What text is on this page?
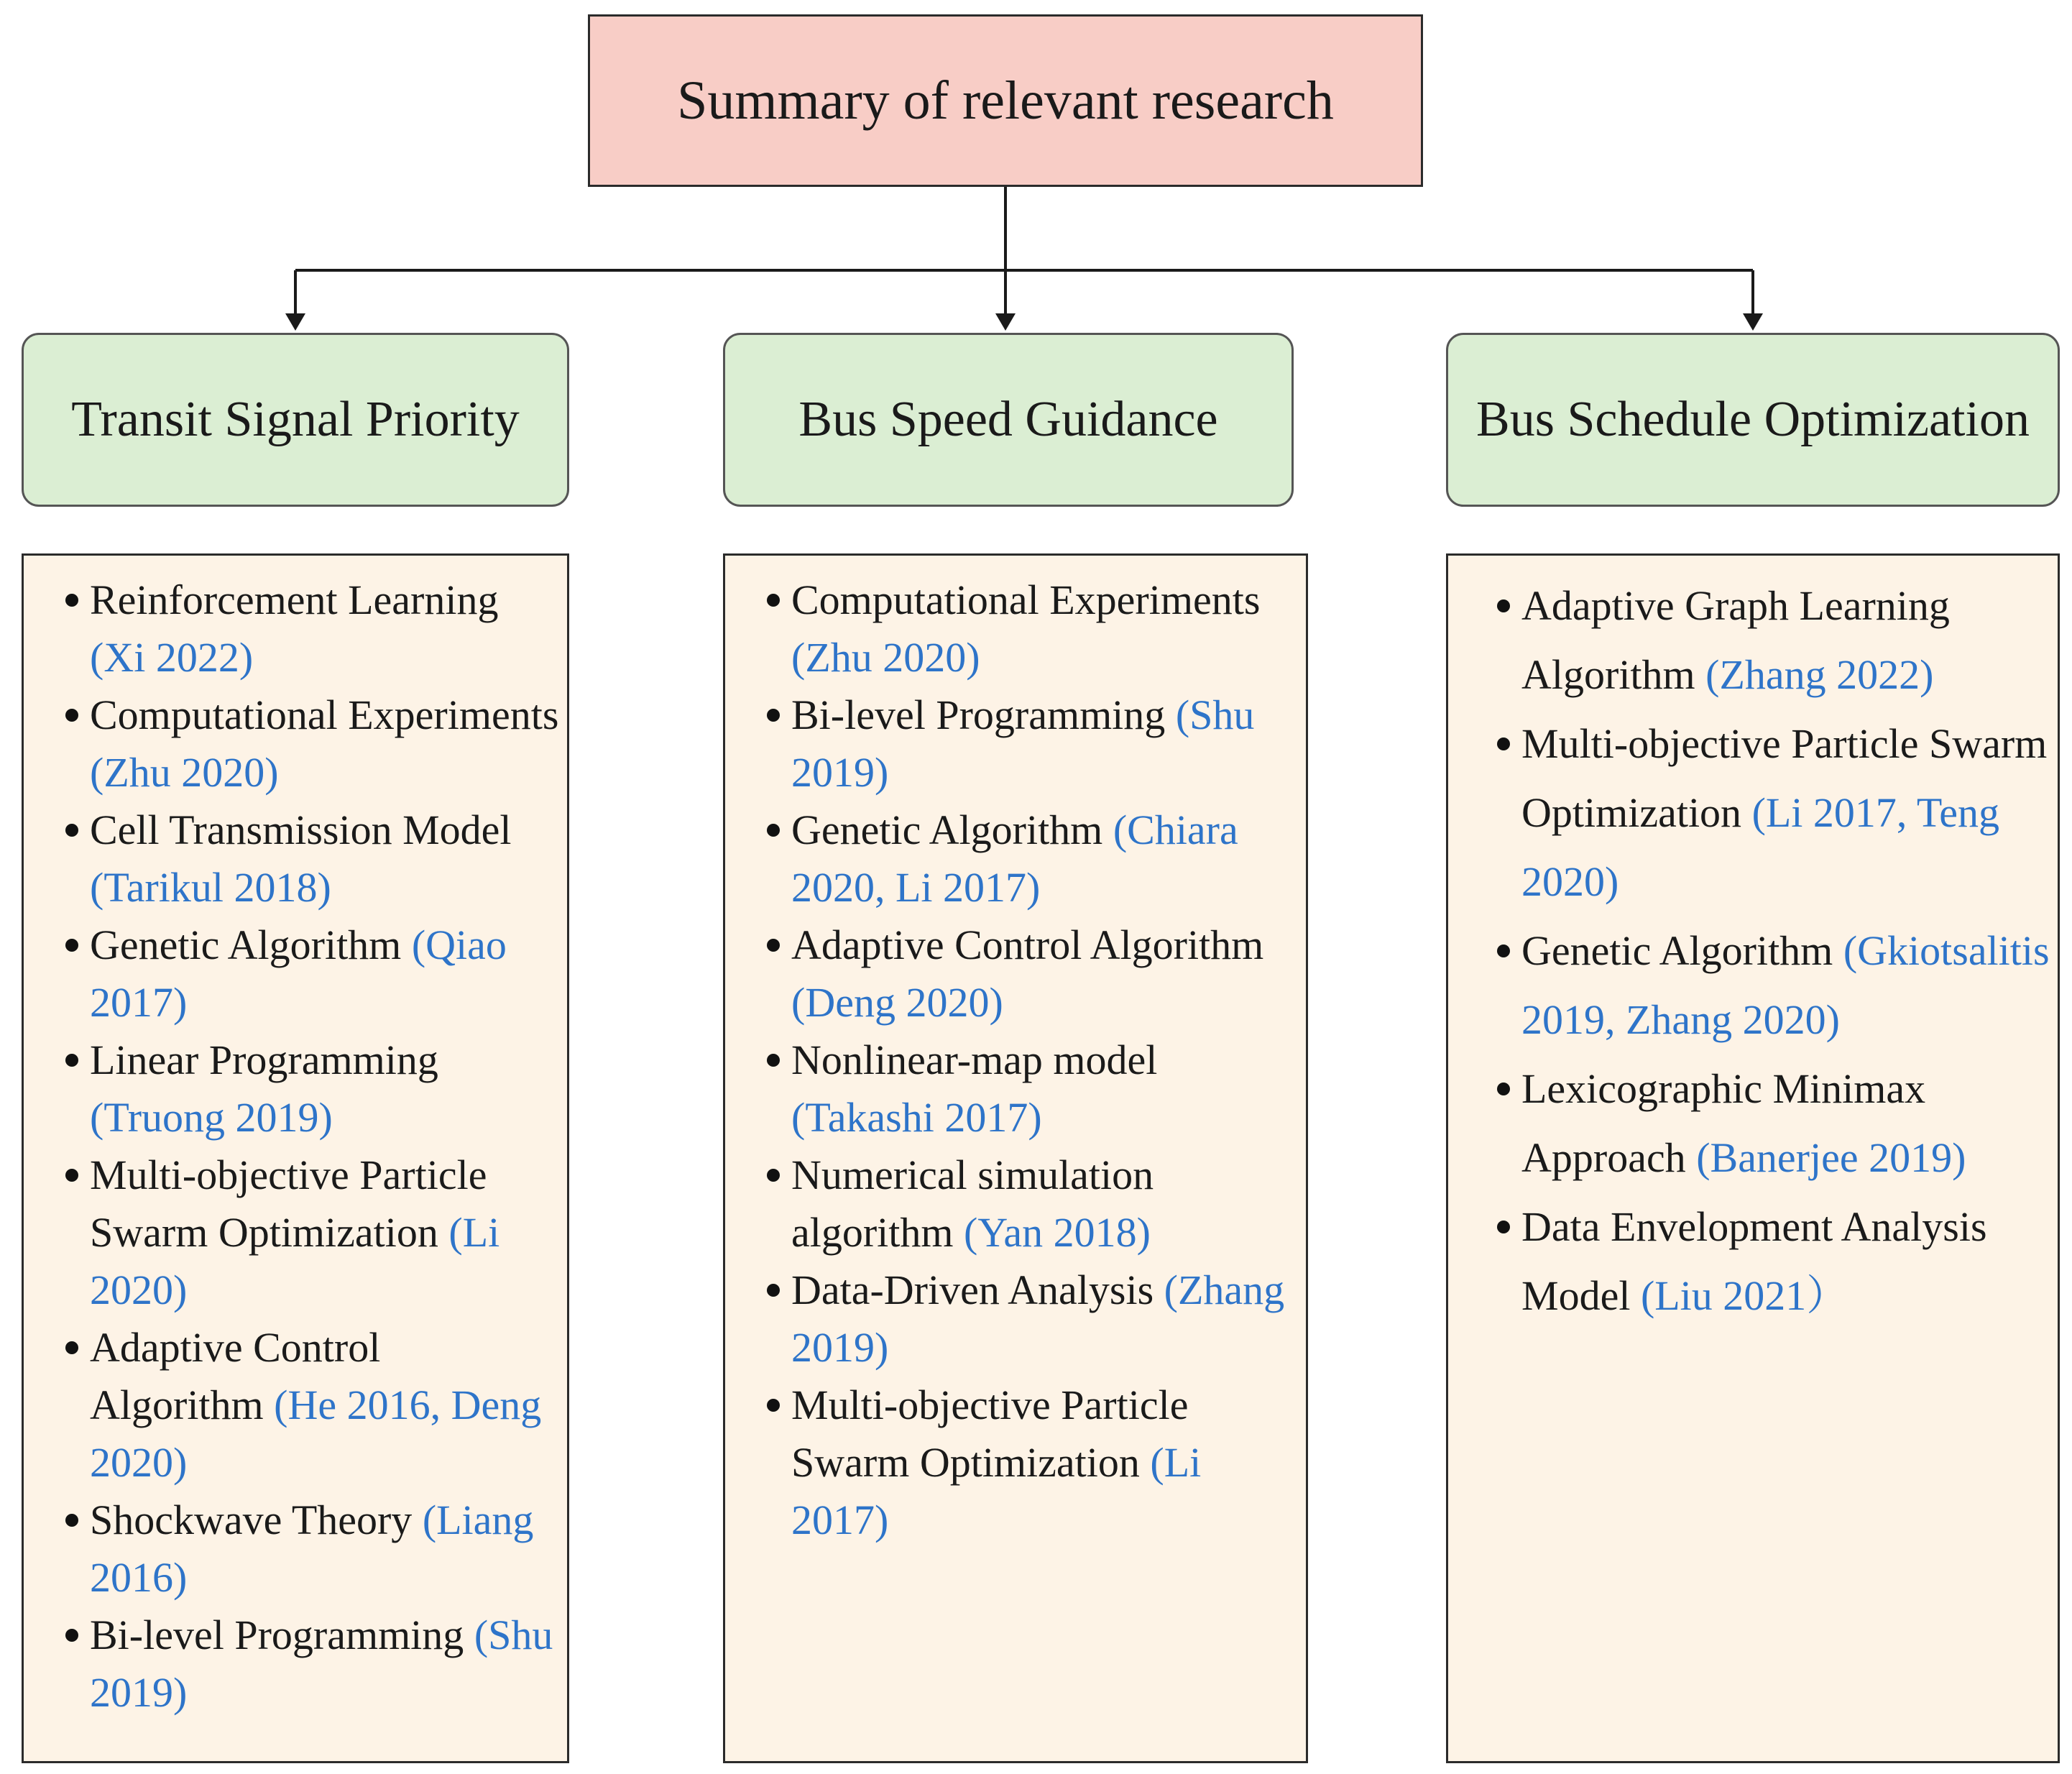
Summary of relevant research
Transit Signal Priority	Bus Speed Guidance	Bus Schedule Optimization
Reinforcement Learning (Xi 2022)
Computational Experiments (Zhu 2020)
Cell Transmission Model (Tarikul 2018)
Genetic Algorithm (Qiao 2017)
Linear Programming (Truong 2019)
Multi-objective Particle Swarm Optimization (Li 2020)
Adaptive Control Algorithm (He 2016, Deng 2020)
Shockwave Theory (Liang 2016)
Bi-level Programming (Shu 2019)
Computational Experiments (Zhu 2020)
Bi-level Programming (Shu 2019)
Genetic Algorithm (Chiara 2020, Li 2017)
Adaptive Control Algorithm (Deng 2020)
Nonlinear-map model (Takashi 2017)
Numerical simulation algorithm (Yan 2018)
Data-Driven Analysis (Zhang 2019)
Multi-objective Particle Swarm Optimization (Li 2017)
Adaptive Graph Learning Algorithm (Zhang 2022)
Multi-objective Particle Swarm Optimization (Li 2017, Teng 2020)
Genetic Algorithm (Gkiotsalitis 2019, Zhang 2020)
Lexicographic Minimax Approach (Banerjee 2019)
Data Envelopment Analysis Model (Liu 2021）
